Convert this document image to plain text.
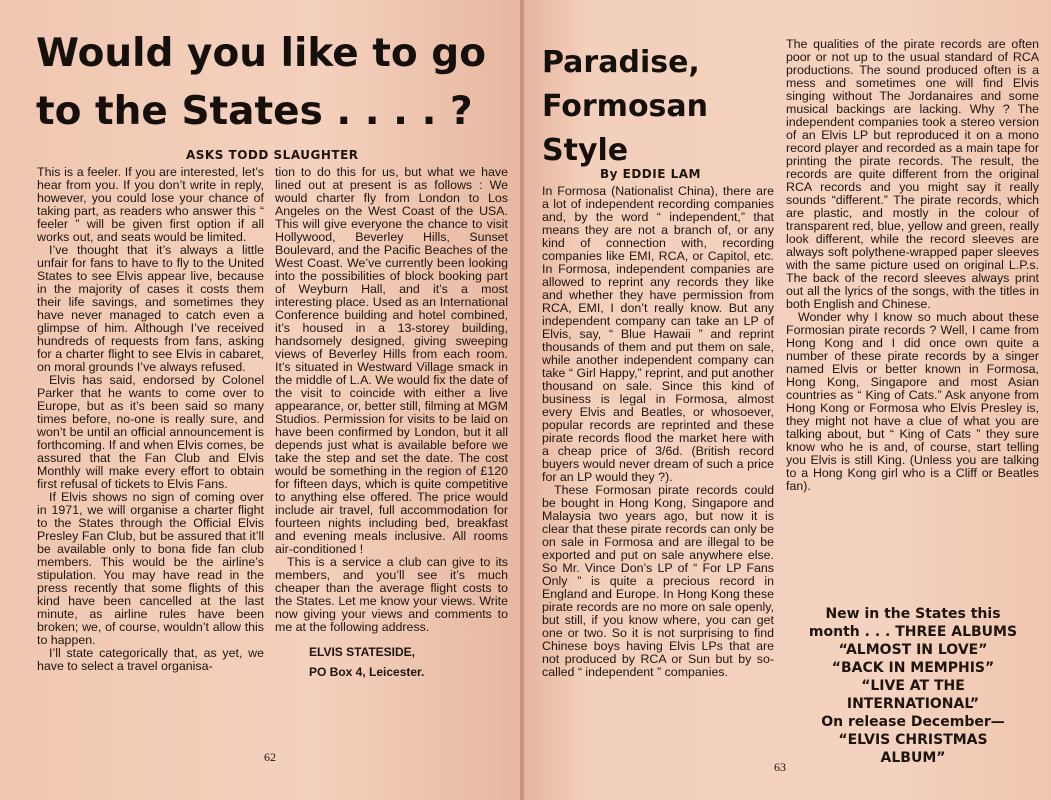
Would you like to go to the States . . . . ?
ASKS TODD SLAUGHTER

This is a feeler. If you are interested, let’s hear from you. If you don’t write in reply, however, you could lose your chance of taking part, as readers who answer this “ feeler ” will be given first option if all works out, and seats would be limited.

I’ve thought that it’s always a little unfair for fans to have to fly to the United States to see Elvis appear live, because in the majority of cases it costs them their life savings, and sometimes they have never managed to catch even a glimpse of him. Although I’ve received hundreds of requests from fans, asking for a charter flight to see Elvis in cabaret, on moral grounds I’ve always refused.

Elvis has said, endorsed by Colonel Parker that he wants to come over to Europe, but as it’s been said so many times before, no-one is really sure, and won’t be until an official announcement is forthcoming. If and when Elvis comes, be assured that the Fan Club and Elvis Monthly will make every effort to obtain first refusal of tickets to Elvis Fans.

If Elvis shows no sign of coming over in 1971, we will organise a charter flight to the States through the Official Elvis Presley Fan Club, but be assured that it’ll be available only to bona fide fan club members. This would be the airline’s stipulation. You may have read in the press recently that some flights of this kind have been cancelled at the last minute, as airline rules have been broken; we, of course, wouldn’t allow this to happen.

I’ll state categorically that, as yet, we have to select a travel organisa-

tion to do this for us, but what we have lined out at present is as follows : We would charter fly from London to Los Angeles on the West Coast of the USA. This will give everyone the chance to visit Hollywood, Beverley Hills, Sunset Boulevard, and the Pacific Beaches of the West Coast. We’ve currently been looking into the possibilities of block booking part of Weyburn Hall, and it’s a most interesting place. Used as an International Conference building and hotel combined, it’s housed in a 13-storey building, handsomely designed, giving sweeping views of Beverley Hills from each room. It’s situated in Westward Village smack in the middle of L.A. We would fix the date of the visit to coincide with either a live appearance, or, better still, filming at MGM Studios. Permission for visits to be laid on have been confirmed by London, but it all depends just what is available before we take the step and set the date. The cost would be something in the region of £120 for fifteen days, which is quite competitive to anything else offered. The price would include air travel, full accommodation for fourteen nights including bed, breakfast and evening meals inclusive. All rooms air-conditioned !

This is a service a club can give to its members, and you’ll see it’s much cheaper than the average flight costs to the States. Let me know your views. Write now giving your views and comments to me at the following address.

ELVIS STATESIDE,
PO Box 4, Leicester.
62
Paradise, Formosan Style
By EDDIE LAM

In Formosa (Nationalist China), there are a lot of independent recording companies and, by the word “ independent,” that means they are not a branch of, or any kind of connection with, recording companies like EMI, RCA, or Capitol, etc. In Formosa, independent companies are allowed to reprint any records they like and whether they have permission from RCA, EMI, I don’t really know. But any independent company can take an LP of Elvis, say, “ Blue Hawaii ” and reprint thousands of them and put them on sale, while another independent company can take “ Girl Happy,” reprint, and put another thousand on sale. Since this kind of business is legal in Formosa, almost every Elvis and Beatles, or whosoever, popular records are reprinted and these pirate records flood the market here with a cheap price of 3/6d. (British record buyers would never dream of such a price for an LP would they ?).

These Formosan pirate records could be bought in Hong Kong, Singapore and Malaysia two years ago, but now it is clear that these pirate records can only be on sale in Formosa and are illegal to be exported and put on sale anywhere else. So Mr. Vince Don’s LP of “ For LP Fans Only ” is quite a precious record in England and Europe. In Hong Kong these pirate records are no more on sale openly, but still, if you know where, you can get one or two. So it is not surprising to find Chinese boys having Elvis LPs that are not produced by RCA or Sun but by so-called “ independent ” companies.

The qualities of the pirate records are often poor or not up to the usual standard of RCA productions. The sound produced often is a mess and sometimes one will find Elvis singing without The Jordanaires and some musical backings are lacking. Why ? The independent companies took a stereo version of an Elvis LP but reproduced it on a mono record player and recorded as a main tape for printing the pirate records. The result, the records are quite different from the original RCA records and you might say it really sounds “different.” The pirate records, which are plastic, and mostly in the colour of transparent red, blue, yellow and green, really look different, while the record sleeves are always soft polythene-wrapped paper sleeves with the same picture used on original L.P.s. The back of the record sleeves always print out all the lyrics of the songs, with the titles in both English and Chinese.

Wonder why I know so much about these Formosian pirate records ? Well, I came from Hong Kong and I did once own quite a number of these pirate records by a singer named Elvis or better known in Formosa, Hong Kong, Singapore and most Asian countries as “ King of Cats.” Ask anyone from Hong Kong or Formosa who Elvis Presley is, they might not have a clue of what you are talking about, but “ King of Cats ” they sure know who he is and, of course, start telling you Elvis is still King. (Unless you are talking to a Hong Kong girl who is a Cliff or Beatles fan).

New in the States this
month . . . THREE ALBUMS
“ALMOST IN LOVE”
“BACK IN MEMPHIS”
“LIVE AT THE
INTERNATIONAL”
On release December—
“ELVIS CHRISTMAS
ALBUM”
63
